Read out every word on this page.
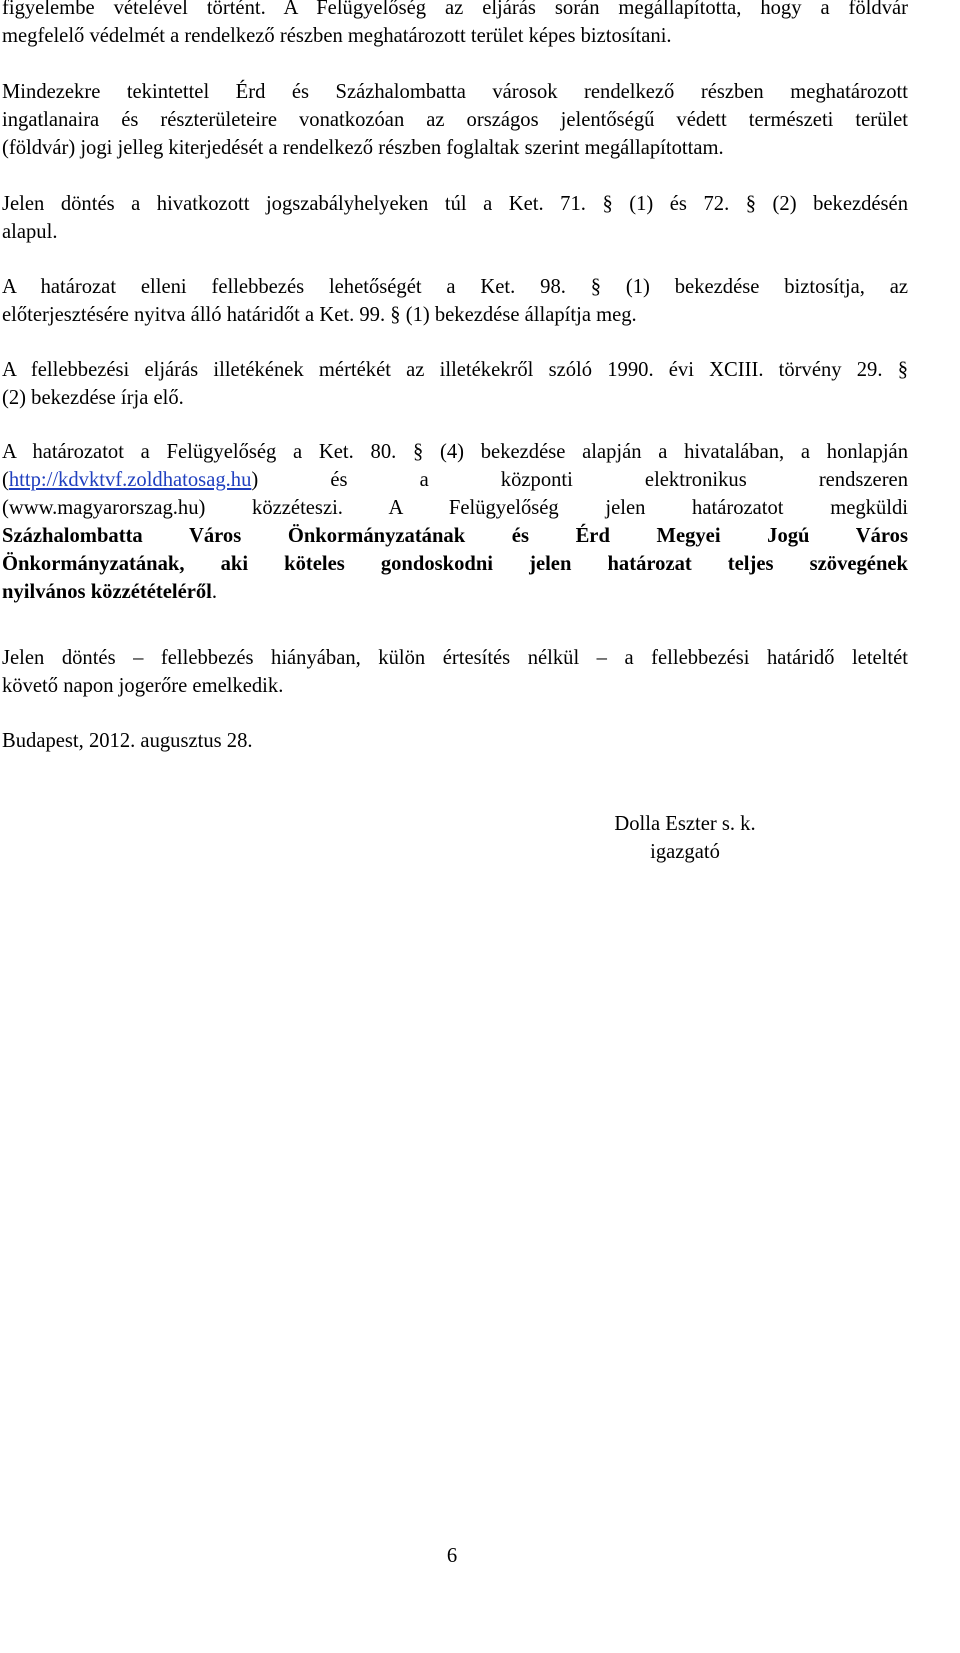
figyelembe vételével történt. A Felügyelőség az eljárás során megállapította, hogy a földvár
megfelelő védelmét a rendelkező részben meghatározott terület képes biztosítani.
Mindezekre tekintettel Érd és Százhalombatta városok rendelkező részben meghatározott
ingatlanaira és részterületeire vonatkozóan az országos jelentőségű védett természeti terület
(földvár) jogi jelleg kiterjedését a rendelkező részben foglaltak szerint megállapítottam.
Jelen döntés a hivatkozott jogszabályhelyeken túl a Ket. 71. § (1) és 72. § (2) bekezdésén
alapul.
A határozat elleni fellebbezés lehetőségét a Ket. 98. § (1) bekezdése biztosítja, az
előterjesztésére nyitva álló határidőt a Ket. 99. § (1) bekezdése állapítja meg.
A fellebbezési eljárás illetékének mértékét az illetékekről szóló 1990. évi XCIII. törvény 29. §
(2) bekezdése írja elő.
A határozatot a Felügyelőség a Ket. 80. § (4) bekezdése alapján a hivatalában, a honlapján
(http://kdvktvf.zoldhatosag.hu) és a központi elektronikus rendszeren
(www.magyarorszag.hu) közzéteszi. A Felügyelőség jelen határozatot megküldi
Százhalombatta Város Önkormányzatának és Érd Megyei Jogú Város
Önkormányzatának, aki köteles gondoskodni jelen határozat teljes szövegének
nyilvános közzétételéről.
Jelen döntés – fellebbezés hiányában, külön értesítés nélkül – a fellebbezési határidő leteltét
követő napon jogerőre emelkedik.
Budapest, 2012. augusztus 28.
Dolla Eszter s. k.
igazgató
6
